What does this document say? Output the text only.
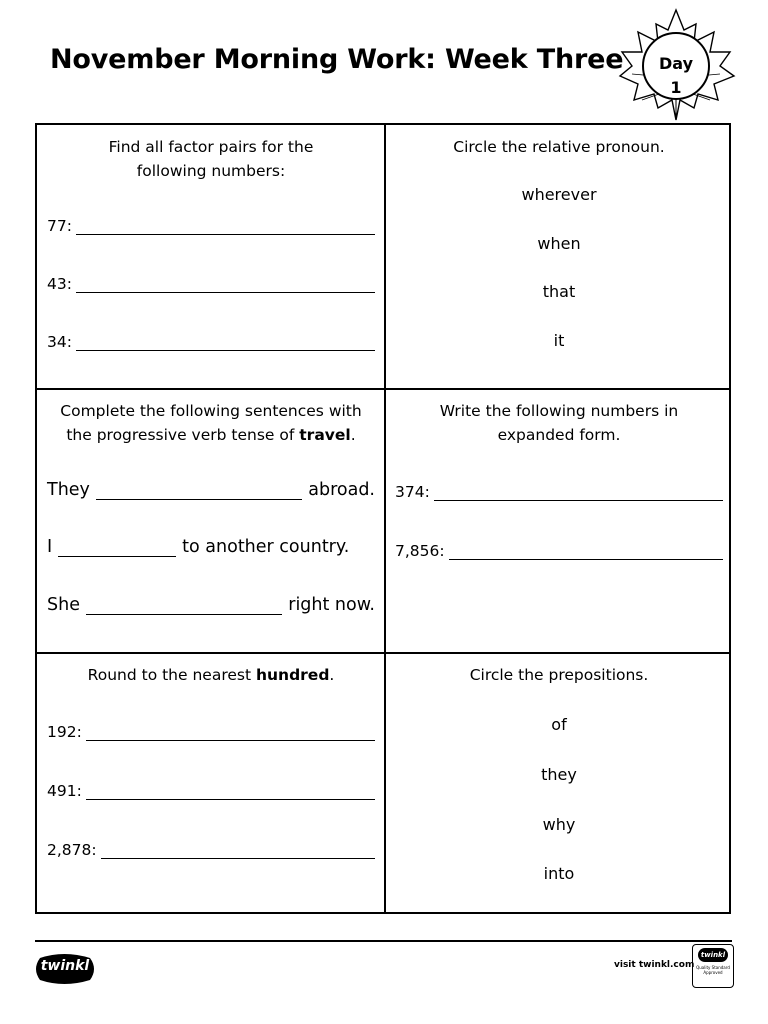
November Morning Work: Week Three	Day
1
Find all factor pairs for the following numbers:
77:
43:
34:
Circle the relative pronoun.
wherever
when
that
it
Complete the following sentences with the progressive verb tense of travel.
They	abroad.
I	to another country.
She	right now.
Write the following numbers in expanded form.
374:
7,856:
Round to the nearest hundred.
192:
491:
2,878:
Circle the prepositions.
of
they
why
into
twinkl	visit twinkl.com
twinkl
Quality Standard Approved
